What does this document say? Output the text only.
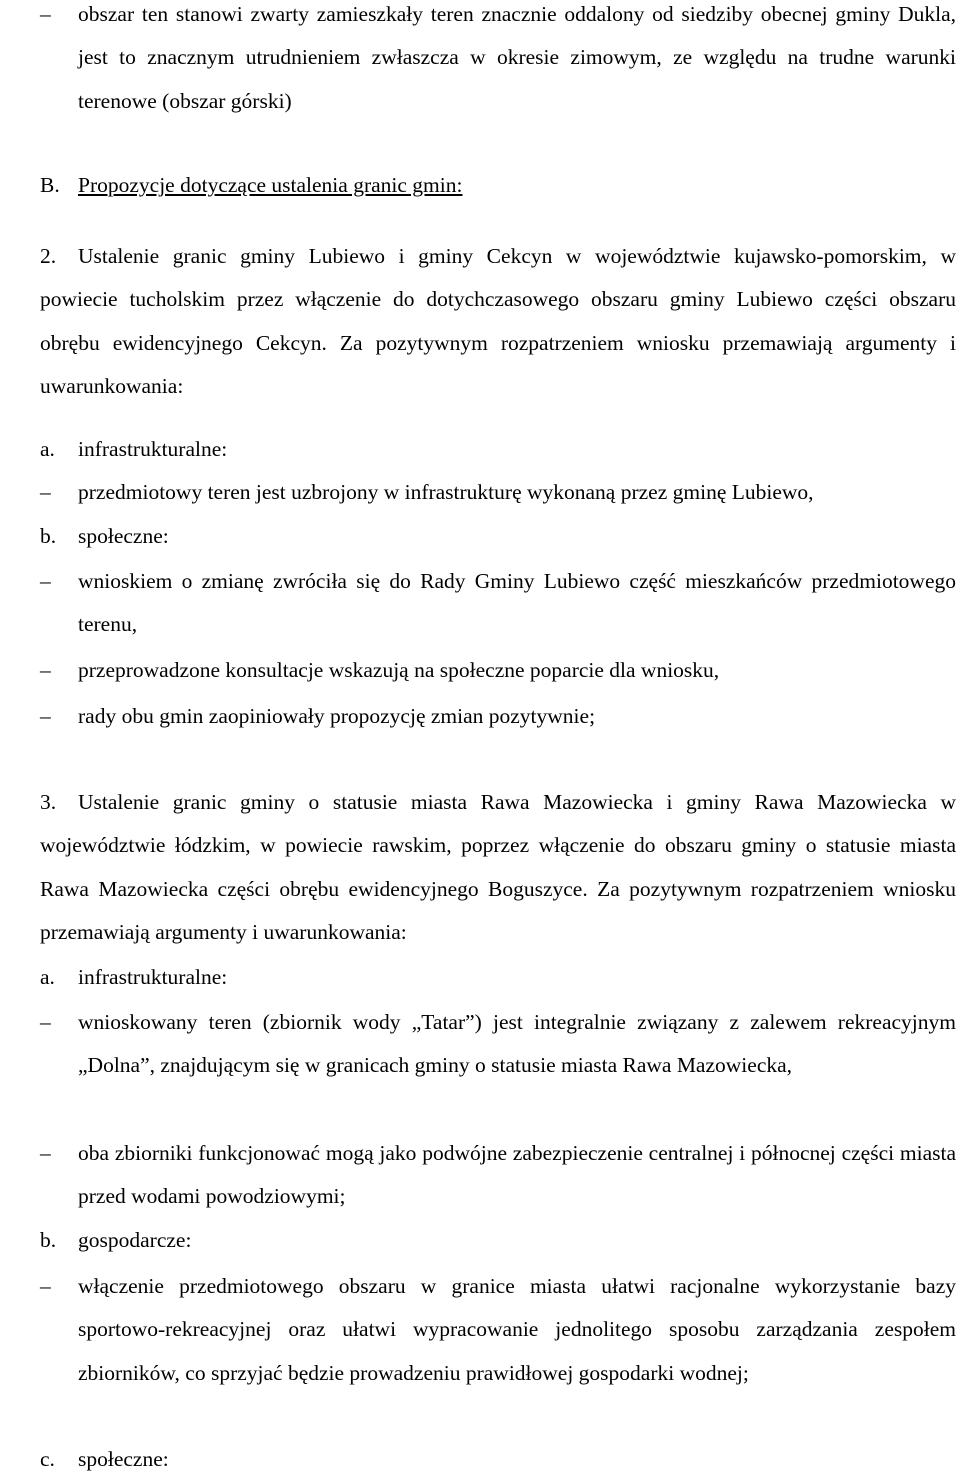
–	obszar ten stanowi zwarty zamieszkały teren znacznie oddalony od siedziby obecnej gminy Dukla, jest to znacznym utrudnieniem zwłaszcza w okresie zimowym, ze względu na trudne warunki terenowe (obszar górski)
B. Propozycje dotyczące ustalenia granic gmin:
2. Ustalenie granic gminy Lubiewo i gminy Cekcyn w województwie kujawsko-pomorskim, w powiecie tucholskim przez włączenie do dotychczasowego obszaru gminy Lubiewo części obszaru obrębu ewidencyjnego Cekcyn. Za pozytywnym rozpatrzeniem wniosku przemawiają argumenty i uwarunkowania:
a. infrastrukturalne:
–	przedmiotowy teren jest uzbrojony w infrastrukturę wykonaną przez gminę Lubiewo,
b. społeczne:
–	wnioskiem o zmianę zwróciła się do Rady Gminy Lubiewo część mieszkańców przedmiotowego terenu,
–	przeprowadzone konsultacje wskazują na społeczne poparcie dla wniosku,
–	rady obu gmin zaopiniowały propozycję zmian pozytywnie;
3. Ustalenie granic gminy o statusie miasta Rawa Mazowiecka i gminy Rawa Mazowiecka w województwie łódzkim, w powiecie rawskim, poprzez włączenie do obszaru gminy o statusie miasta Rawa Mazowiecka części obrębu ewidencyjnego Boguszyce. Za pozytywnym rozpatrzeniem wniosku przemawiają argumenty i uwarunkowania:
a. infrastrukturalne:
–	wnioskowany teren (zbiornik wody „Tatar”) jest integralnie związany z zalewem rekreacyjnym „Dolna”, znajdującym się w granicach gminy o statusie miasta Rawa Mazowiecka,
–	oba zbiorniki funkcjonować mogą jako podwójne zabezpieczenie centralnej i północnej części miasta przed wodami powodziowymi;
b. gospodarcze:
–	włączenie przedmiotowego obszaru w granice miasta ułatwi racjonalne wykorzystanie bazy sportowo-rekreacyjnej oraz ułatwi wypracowanie jednolitego sposobu zarządzania zespołem zbiorników, co sprzyjać będzie prowadzeniu prawidłowej gospodarki wodnej;
c. społeczne:
